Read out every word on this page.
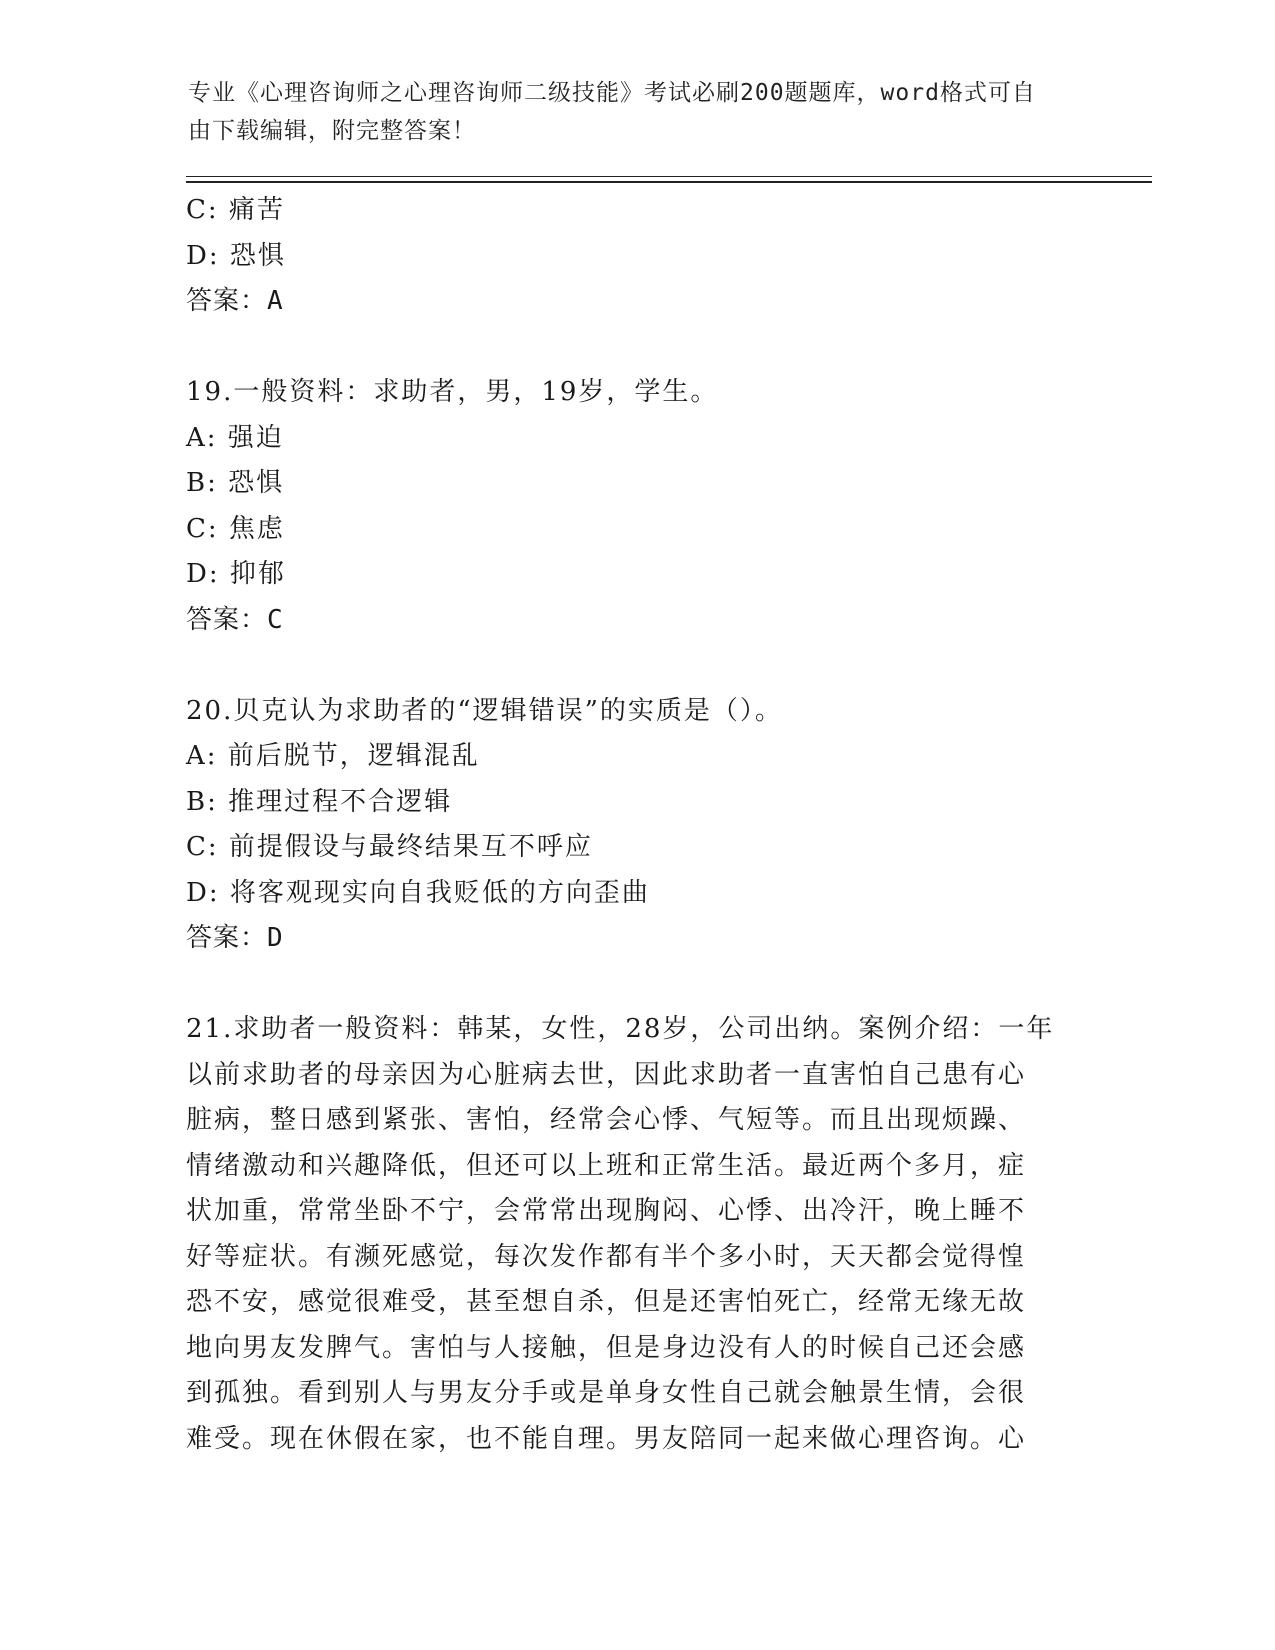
专业《心理咨询师之心理咨询师二级技能》考试必刷200题题库，word格式可自
由下载编辑，附完整答案！
C: 痛苦
D: 恐惧
答案：A
19.一般资料：求助者，男，19岁，学生。
A: 强迫
B: 恐惧
C: 焦虑
D: 抑郁
答案：C
20.贝克认为求助者的“逻辑错误”的实质是（）。
A: 前后脱节，逻辑混乱
B: 推理过程不合逻辑
C: 前提假设与最终结果互不呼应
D: 将客观现实向自我贬低的方向歪曲
答案：D
21.求助者一般资料：韩某，女性，28岁，公司出纳。案例介绍：一年
以前求助者的母亲因为心脏病去世，因此求助者一直害怕自己患有心
脏病，整日感到紧张、害怕，经常会心悸、气短等。而且出现烦躁、
情绪激动和兴趣降低，但还可以上班和正常生活。最近两个多月，症
状加重，常常坐卧不宁，会常常出现胸闷、心悸、出冷汗，晚上睡不
好等症状。有濒死感觉，每次发作都有半个多小时，天天都会觉得惶
恐不安，感觉很难受，甚至想自杀，但是还害怕死亡，经常无缘无故
地向男友发脾气。害怕与人接触，但是身边没有人的时候自己还会感
到孤独。看到别人与男友分手或是单身女性自己就会触景生情，会很
难受。现在休假在家，也不能自理。男友陪同一起来做心理咨询。心
